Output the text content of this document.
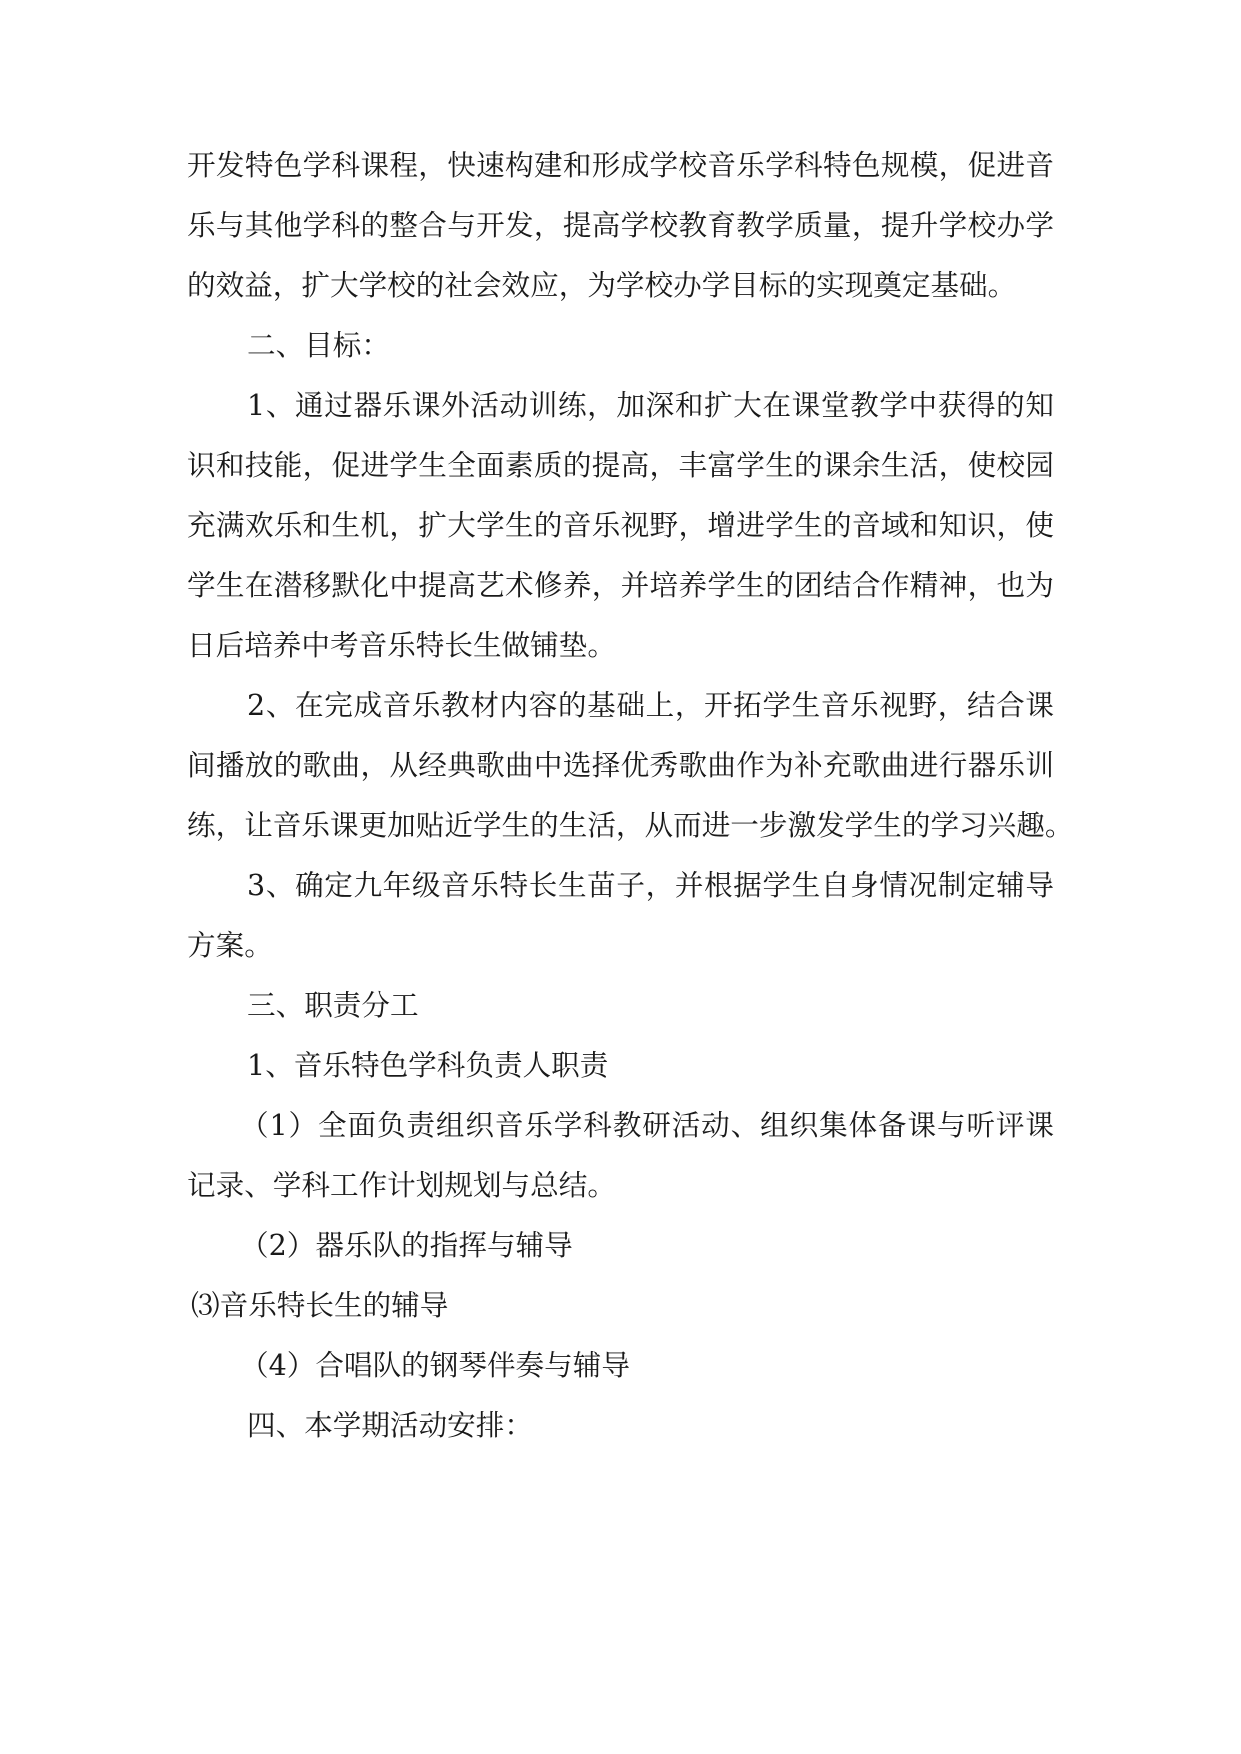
开发特色学科课程，快速构建和形成学校音乐学科特色规模，促进音

乐与其他学科的整合与开发，提高学校教育教学质量，提升学校办学

的效益，扩大学校的社会效应，为学校办学目标的实现奠定基础。

二、目标：

1、通过器乐课外活动训练，加深和扩大在课堂教学中获得的知

识和技能，促进学生全面素质的提高，丰富学生的课余生活，使校园

充满欢乐和生机，扩大学生的音乐视野，增进学生的音域和知识，使

学生在潜移默化中提高艺术修养，并培养学生的团结合作精神，也为

日后培养中考音乐特长生做铺垫。

2、在完成音乐教材内容的基础上，开拓学生音乐视野，结合课

间播放的歌曲，从经典歌曲中选择优秀歌曲作为补充歌曲进行器乐训

练，让音乐课更加贴近学生的生活，从而进一步激发学生的学习兴趣。

3、确定九年级音乐特长生苗子，并根据学生自身情况制定辅导

方案。

三、职责分工

1、音乐特色学科负责人职责

（1）全面负责组织音乐学科教研活动、组织集体备课与听评课

记录、学科工作计划规划与总结。

（2）器乐队的指挥与辅导

⑶音乐特长生的辅导

（4）合唱队的钢琴伴奏与辅导

四、本学期活动安排：
